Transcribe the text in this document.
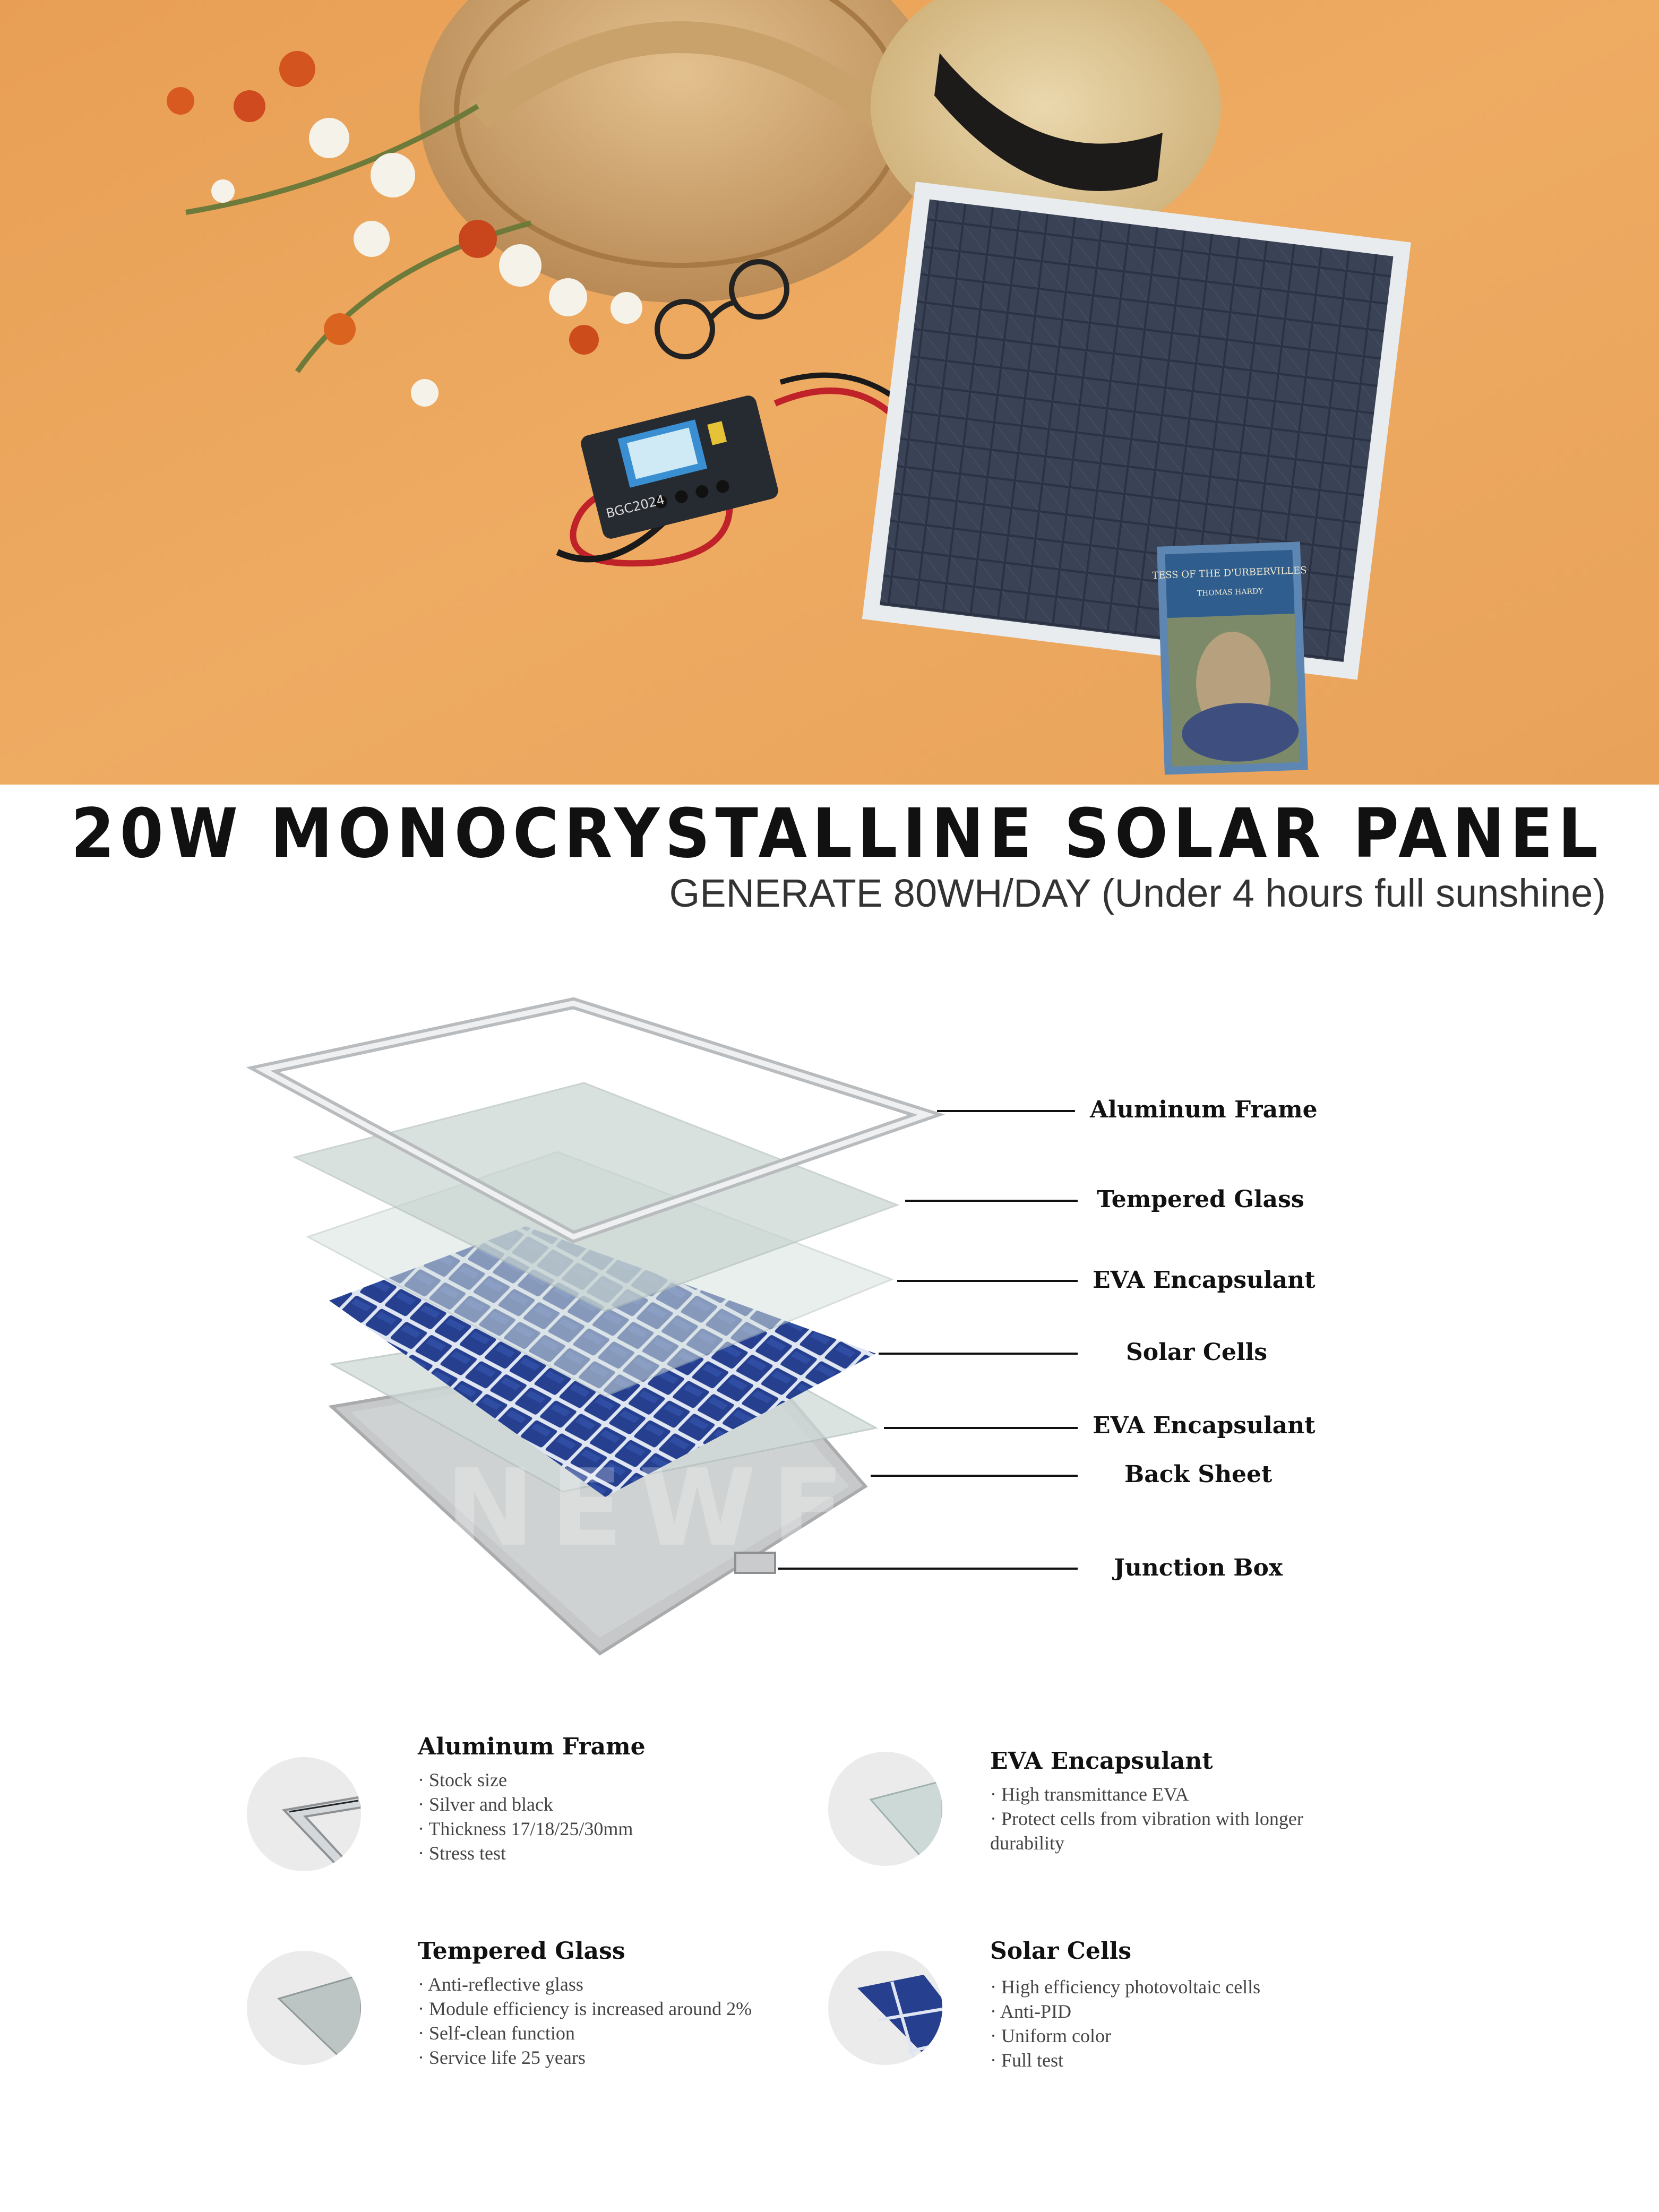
BGC2024
TESS OF THE D'URBERVILLES
THOMAS HARDY
20W MONOCRYSTALLINE SOLAR PANEL
GENERATE 80WH/DAY (Under 4 hours full sunshine)
NEWEST
Aluminum Frame
Tempered Glass
EVA Encapsulant
Solar Cells
EVA Encapsulant
Back Sheet
Junction Box
Aluminum Frame
· Stock size
· Silver and black
· Thickness 17/18/25/30mm
· Stress test
EVA Encapsulant
· High transmittance EVA
· Protect cells from vibration with longer durability
Tempered Glass
· Anti-reflective glass
· Module efficiency is increased around 2%
· Self-clean function
· Service life 25 years
Solar Cells
· High efficiency photovoltaic cells
· Anti-PID
· Uniform color
· Full test
